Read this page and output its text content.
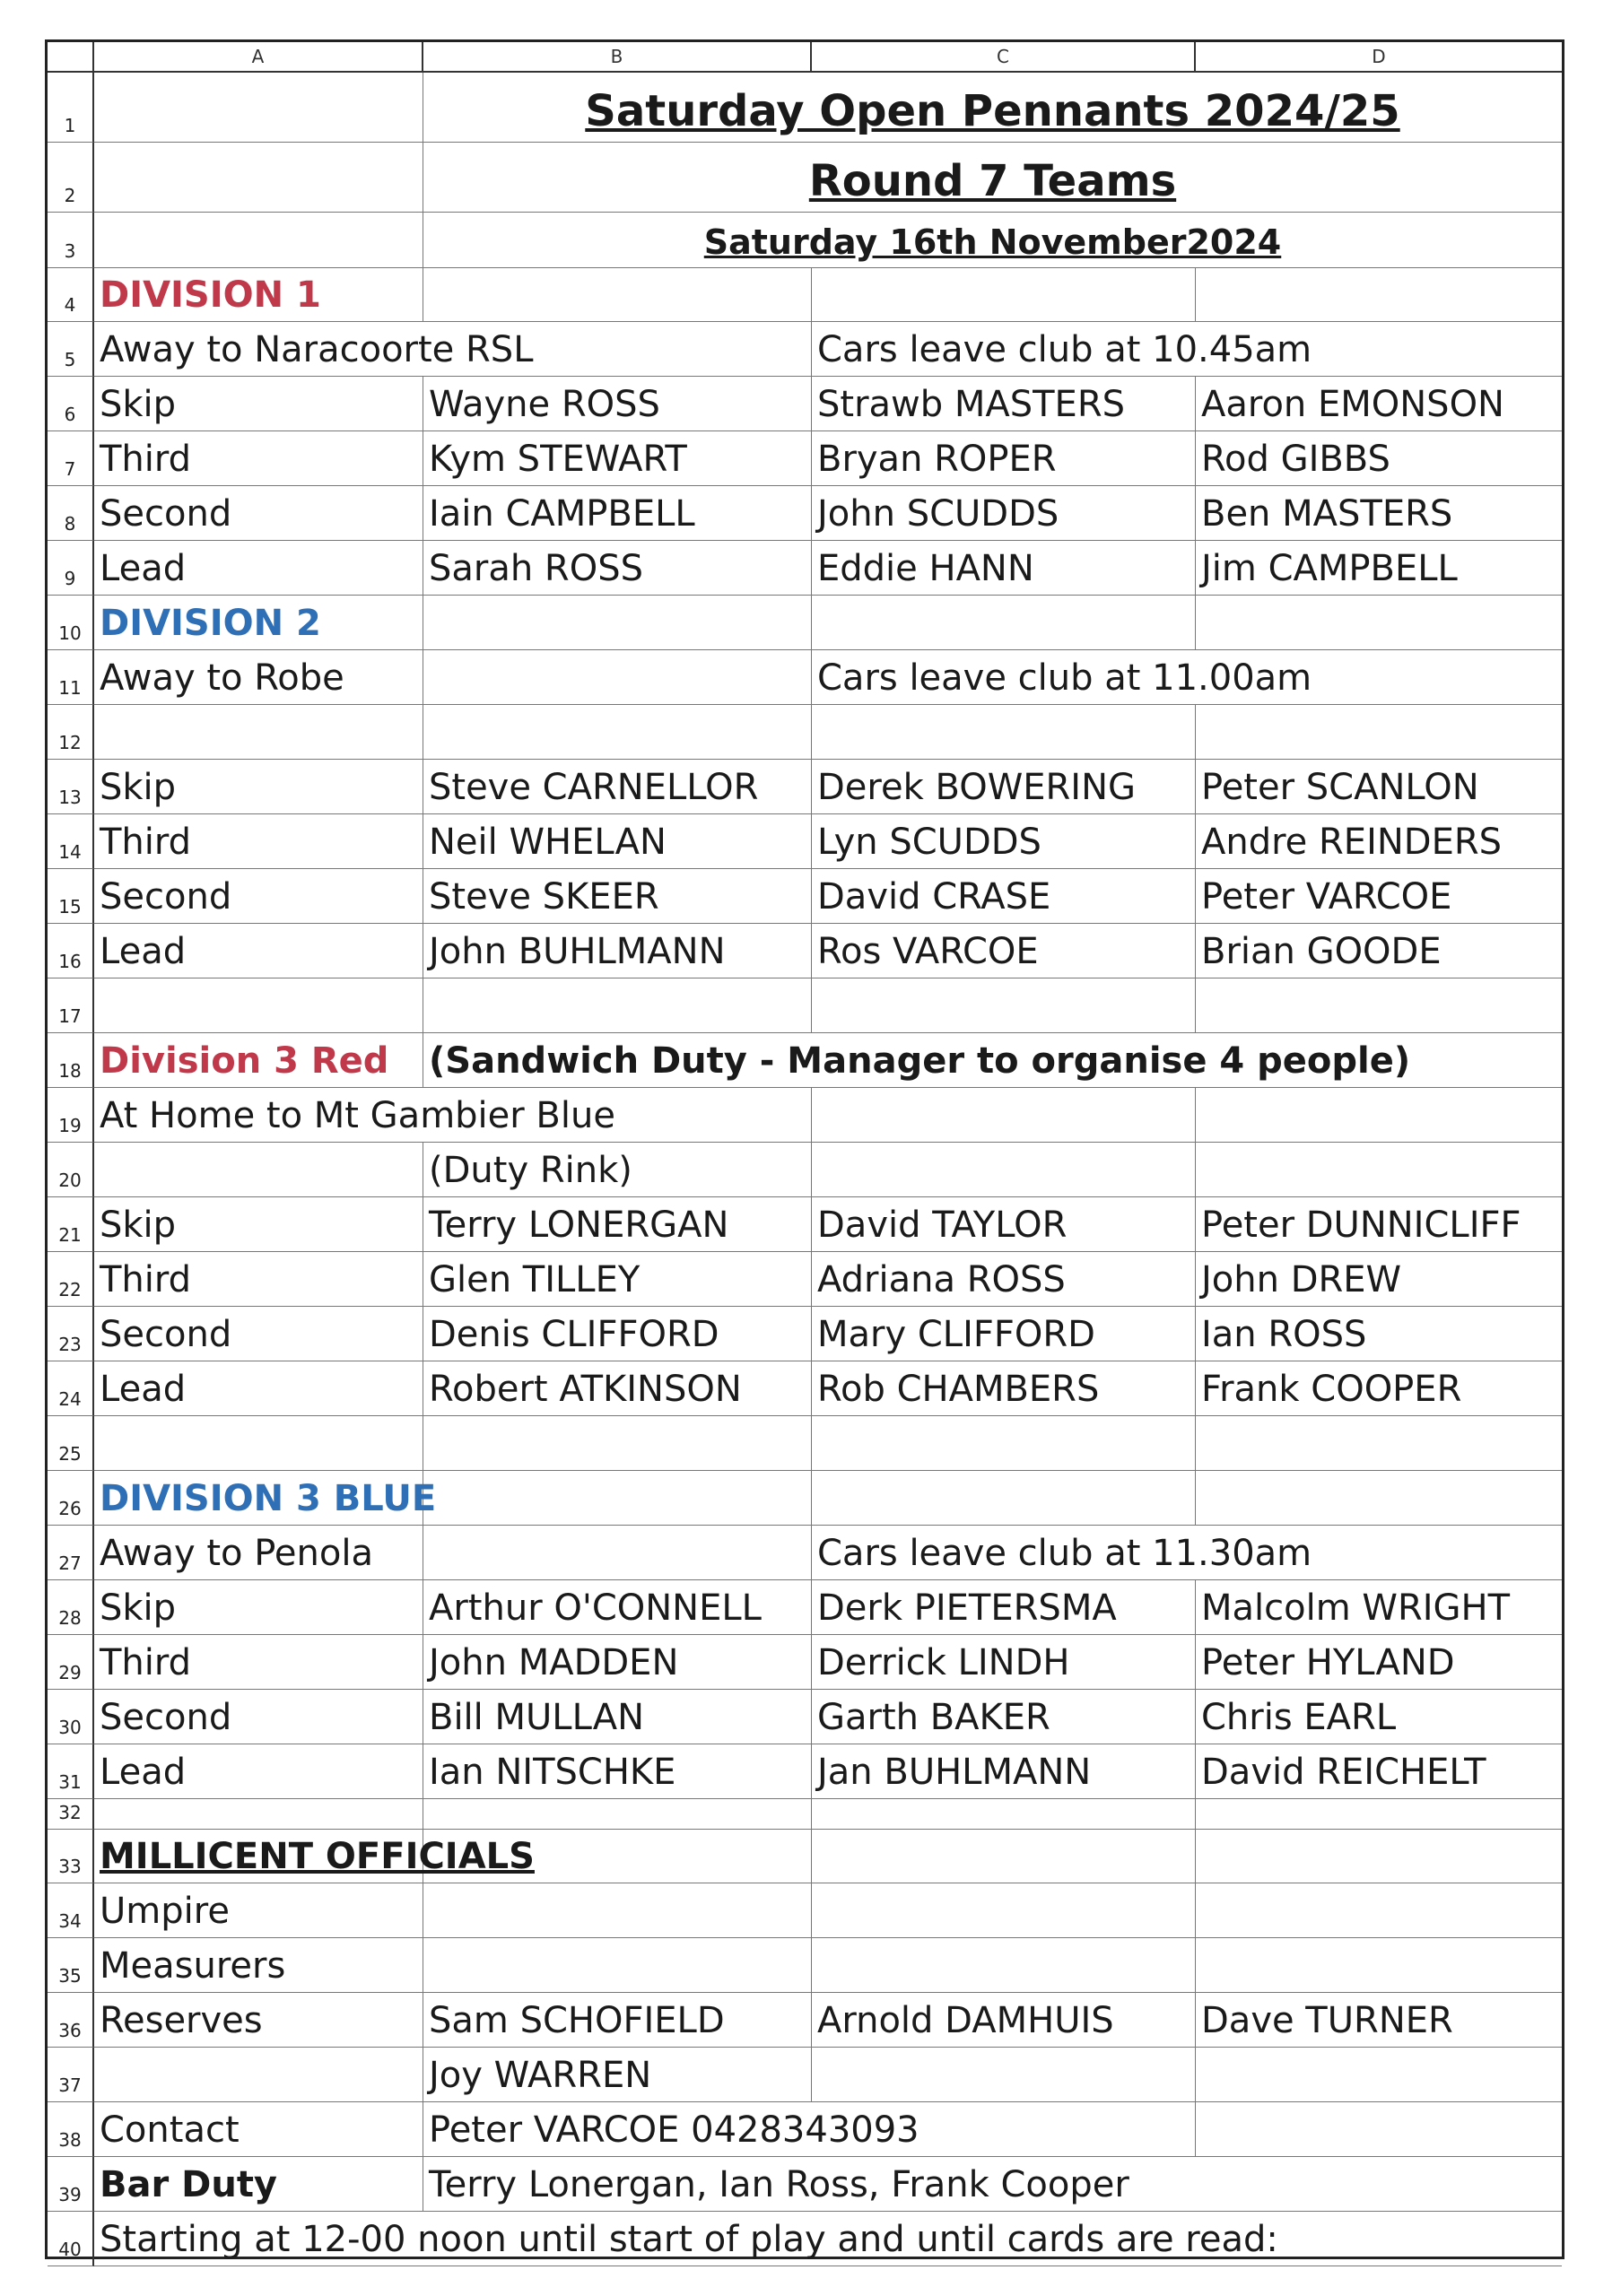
A	B	C	D
1	Saturday Open Pennants 2024/25
2	Round 7 Teams
3	Saturday 16th November2024
4 DIVISION 1
5 Away to Naracoorte RSL	Cars leave club at 10.45am
6 Skip	Wayne ROSS	Strawb MASTERS	Aaron EMONSON
7 Third	Kym STEWART	Bryan ROPER	Rod GIBBS
8 Second	Iain CAMPBELL	John SCUDDS	Ben MASTERS
9 Lead	Sarah ROSS	Eddie HANN	Jim CAMPBELL
10 DIVISION 2
11 Away to Robe	Cars leave club at 11.00am
12
13 Skip	Steve CARNELLOR	Derek BOWERING	Peter SCANLON
14 Third	Neil WHELAN	Lyn SCUDDS	Andre REINDERS
15 Second	Steve SKEER	David CRASE	Peter VARCOE
16 Lead	John BUHLMANN	Ros VARCOE	Brian GOODE
17
18 Division 3 Red	(Sandwich Duty - Manager to organise 4 people)
19 At Home to Mt Gambier Blue
20	(Duty Rink)
21 Skip	Terry LONERGAN	David TAYLOR	Peter DUNNICLIFF
22 Third	Glen TILLEY	Adriana ROSS	John DREW
23 Second	Denis CLIFFORD	Mary CLIFFORD	Ian ROSS
24 Lead	Robert ATKINSON	Rob CHAMBERS	Frank COOPER
25
26 DIVISION 3 BLUE
27 Away to Penola	Cars leave club at 11.30am
28 Skip	Arthur O'CONNELL	Derk PIETERSMA	Malcolm WRIGHT
29 Third	John MADDEN	Derrick LINDH	Peter HYLAND
30 Second	Bill MULLAN	Garth BAKER	Chris EARL
31 Lead	Ian NITSCHKE	Jan BUHLMANN	David REICHELT
32
33 MILLICENT OFFICIALS
34 Umpire
35 Measurers
36 Reserves	Sam SCHOFIELD	Arnold DAMHUIS	Dave TURNER
37	Joy WARREN
38 Contact	Peter VARCOE 0428343093
39 Bar Duty	Terry Lonergan, Ian Ross, Frank Cooper
40 Starting at 12-00 noon until start of play and until cards are read:
